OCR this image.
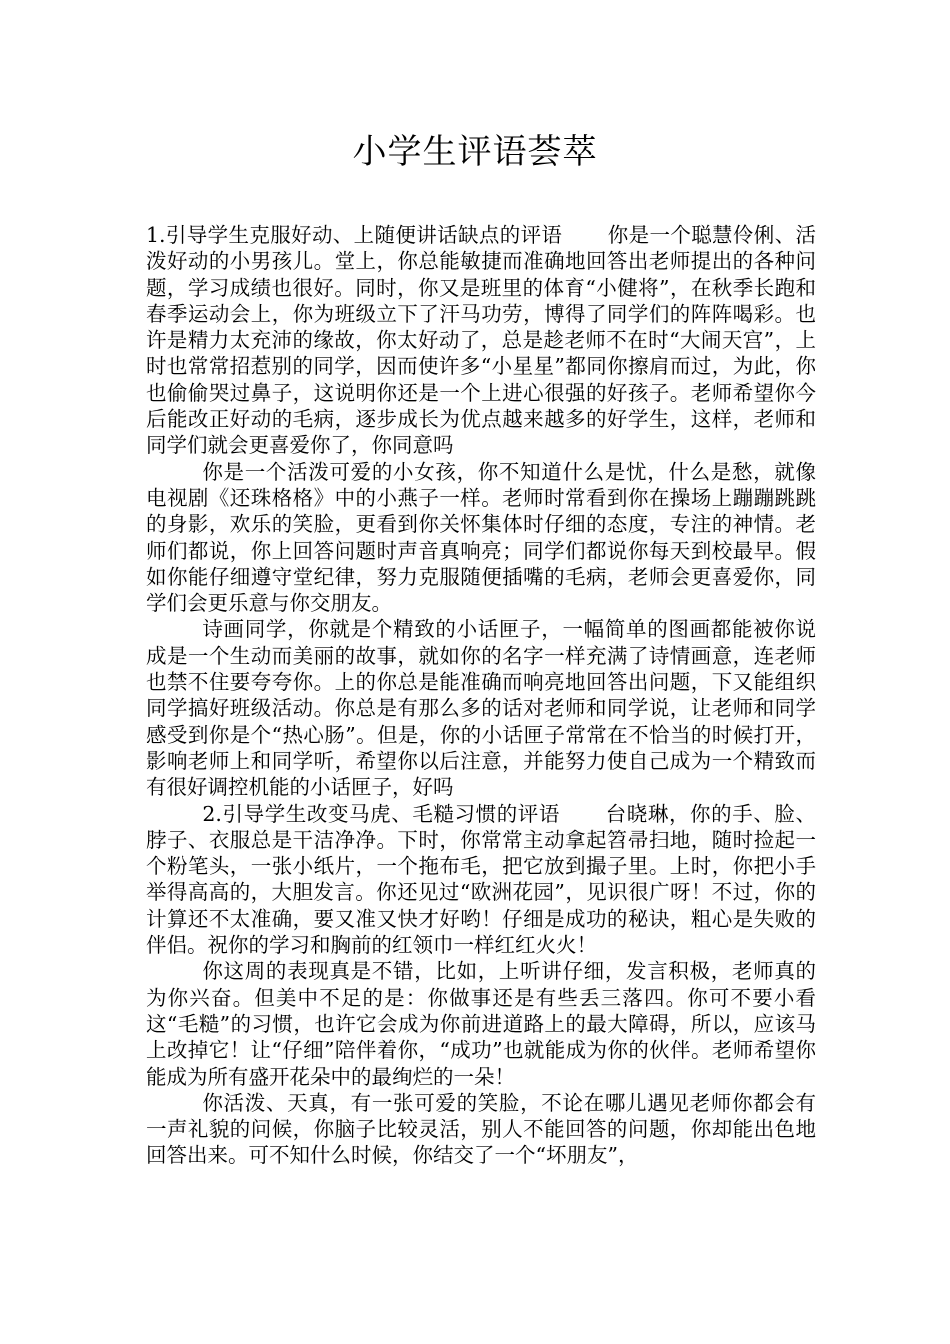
小学生评语荟萃

1.引导学生克服好动、上随便讲话缺点的评语 你是一个聪慧伶俐、活泼好动的小男孩儿。堂上，你总能敏捷而准确地回答出老师提出的各种问题，学习成绩也很好。同时，你又是班里的体育“小健将”，在秋季长跑和春季运动会上，你为班级立下了汗马功劳，博得了同学们的阵阵喝彩。也许是精力太充沛的缘故，你太好动了，总是趁老师不在时“大闹天宫”，上时也常常招惹别的同学，因而使许多“小星星”都同你擦肩而过，为此，你也偷偷哭过鼻子，这说明你还是一个上进心很强的好孩子。老师希望你今后能改正好动的毛病，逐步成长为优点越来越多的好学生，这样，老师和同学们就会更喜爱你了，你同意吗

你是一个活泼可爱的小女孩，你不知道什么是忧，什么是愁，就像电视剧《还珠格格》中的小燕子一样。老师时常看到你在操场上蹦蹦跳跳的身影，欢乐的笑脸，更看到你关怀集体时仔细的态度，专注的神情。老师们都说，你上回答问题时声音真响亮；同学们都说你每天到校最早。假如你能仔细遵守堂纪律，努力克服随便插嘴的毛病，老师会更喜爱你，同学们会更乐意与你交朋友。

诗画同学，你就是个精致的小话匣子，一幅简单的图画都能被你说成是一个生动而美丽的故事，就如你的名字一样充满了诗情画意，连老师也禁不住要夸夸你。上的你总是能准确而响亮地回答出问题，下又能组织同学搞好班级活动。你总是有那么多的话对老师和同学说，让老师和同学感受到你是个“热心肠”。但是，你的小话匣子常常在不恰当的时候打开，影响老师上和同学听，希望你以后注意，并能努力使自己成为一个精致而有很好调控机能的小话匣子，好吗

2.引导学生改变马虎、毛糙习惯的评语 台晓琳，你的手、脸、脖子、衣服总是干洁净净。下时，你常常主动拿起笤帚扫地，随时捡起一个粉笔头，一张小纸片，一个拖布毛，把它放到撮子里。上时，你把小手举得高高的，大胆发言。你还见过“欧洲花园”，见识很广呀！不过，你的计算还不太准确，要又准又快才好哟！仔细是成功的秘诀，粗心是失败的伴侣。祝你的学习和胸前的红领巾一样红红火火！

你这周的表现真是不错，比如，上听讲仔细，发言积极，老师真的为你兴奋。但美中不足的是：你做事还是有些丢三落四。你可不要小看这“毛糙”的习惯，也许它会成为你前进道路上的最大障碍，所以，应该马上改掉它！让“仔细”陪伴着你，“成功”也就能成为你的伙伴。老师希望你能成为所有盛开花朵中的最绚烂的一朵！

你活泼、天真，有一张可爱的笑脸，不论在哪儿遇见老师你都会有一声礼貌的问候，你脑子比较灵活，别人不能回答的问题，你却能出色地回答出来。可不知什么时候，你结交了一个“坏朋友”，
